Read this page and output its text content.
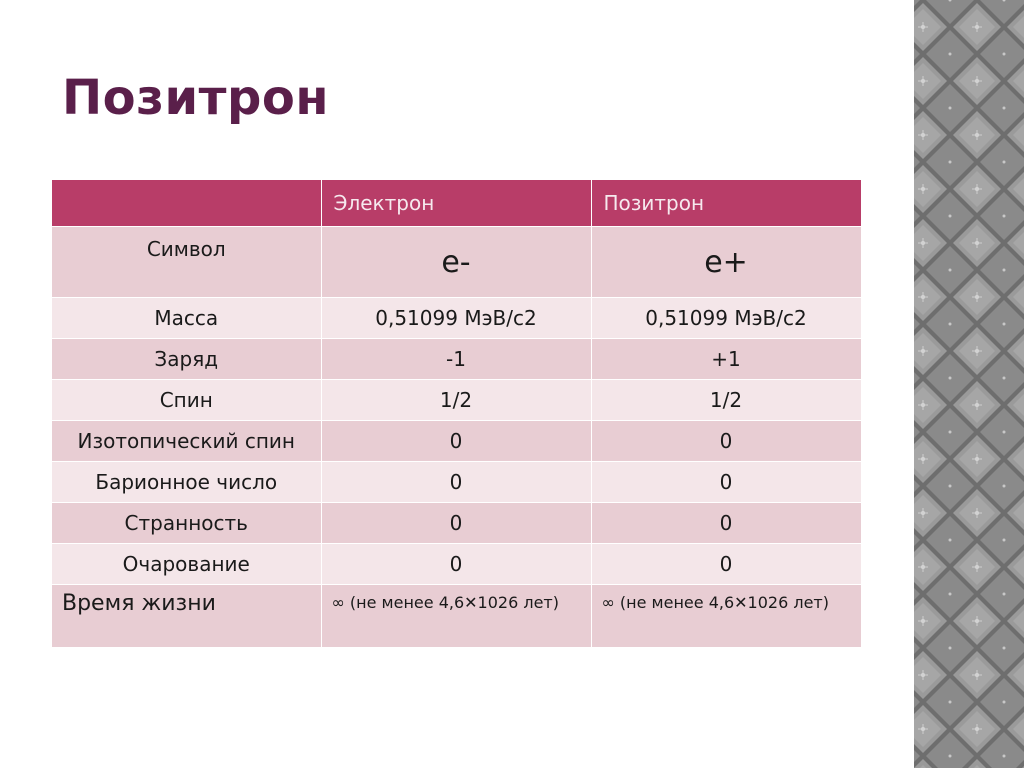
Позитрон
	Электрон	Позитрон
Символ	e-	e+
Масса	0,51099 МэВ/с2	0,51099 МэВ/с2
Заряд	-1	+1
Спин	1/2	1/2
Изотопический спин	0	0
Барионное число	0	0
Странность	0	0
Очарование	0	0
Время жизни	∞ (не менее 4,6✕1026 лет)	∞ (не менее 4,6✕1026 лет)
